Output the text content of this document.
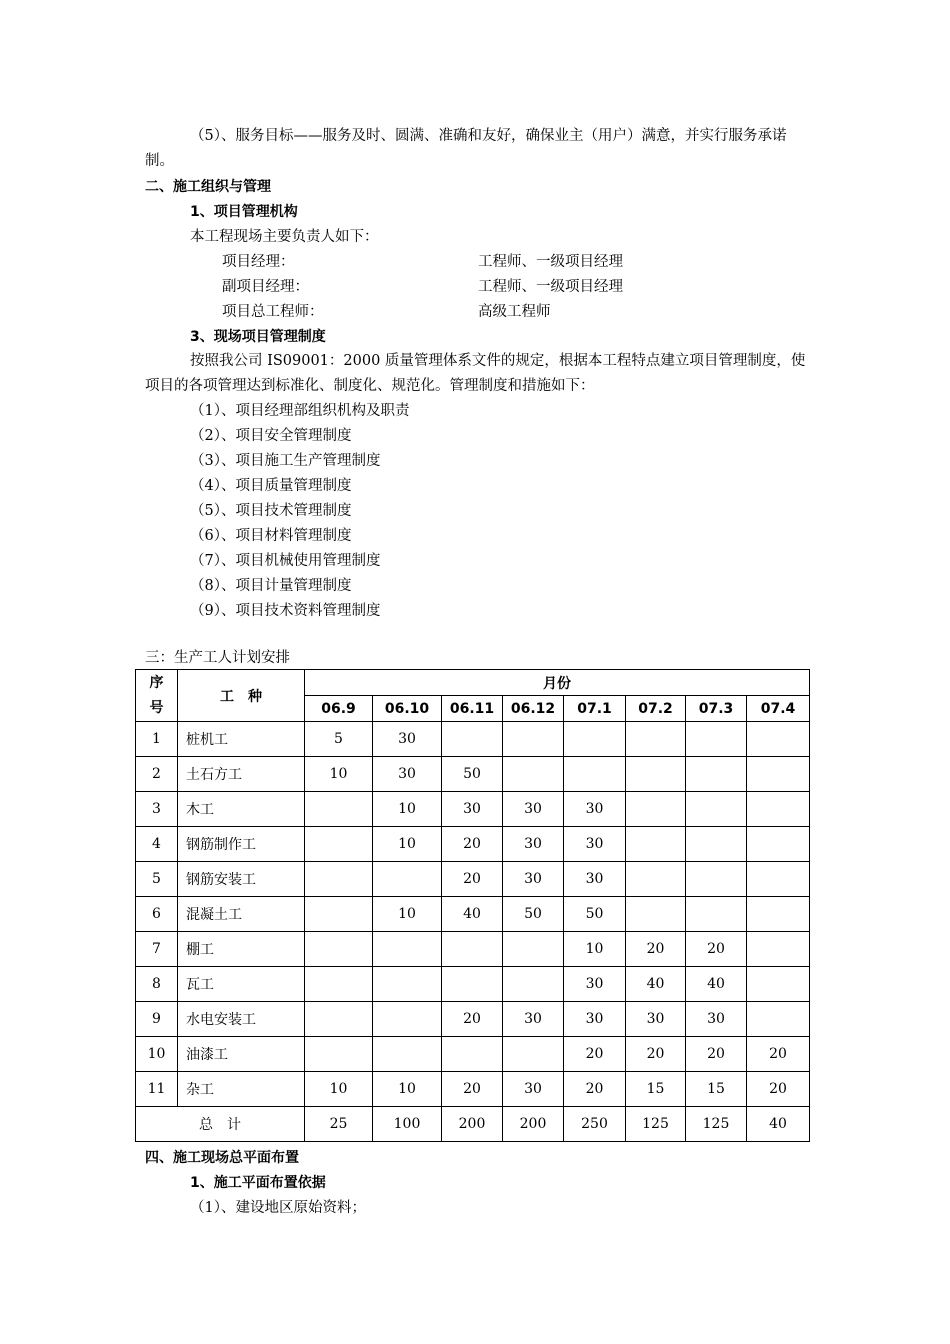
（5）、服务目标——服务及时、圆满、准确和友好，确保业主（用户）满意，并实行服务承诺制。
二、施工组织与管理
1、项目管理机构
本工程现场主要负责人如下：
项目经理：	工程师、一级项目经理
副项目经理：	工程师、一级项目经理
项目总工程师：	高级工程师
3、现场项目管理制度
按照我公司 IS09001：2000 质量管理体系文件的规定，根据本工程特点建立项目管理制度，使项目的各项管理达到标准化、制度化、规范化。管理制度和措施如下：
（1）、项目经理部组织机构及职责
（2）、项目安全管理制度
（3）、项目施工生产管理制度
（4）、项目质量管理制度
（5）、项目技术管理制度
（6）、项目材料管理制度
（7）、项目机械使用管理制度
（8）、项目计量管理制度
（9）、项目技术资料管理制度
三：生产工人计划安排
序号	工　种	月份							
		06.9	06.10	06.11	06.12	07.1	07.2	07.3	07.4
1	桩机工	5	30						
2	土石方工	10	30	50					
3	木工		10	30	30	30			
4	钢筋制作工		10	20	30	30			
5	钢筋安装工			20	30	30			
6	混凝土工		10	40	50	50			
7	棚工					10	20	20	
8	瓦工					30	40	40	
9	水电安装工			20	30	30	30	30	
10	油漆工					20	20	20	20
11	杂工	10	10	20	30	20	15	15	20
总　计		25	100	200	200	250	125	125	40
四、施工现场总平面布置
1、施工平面布置依据
（1）、建设地区原始资料；
